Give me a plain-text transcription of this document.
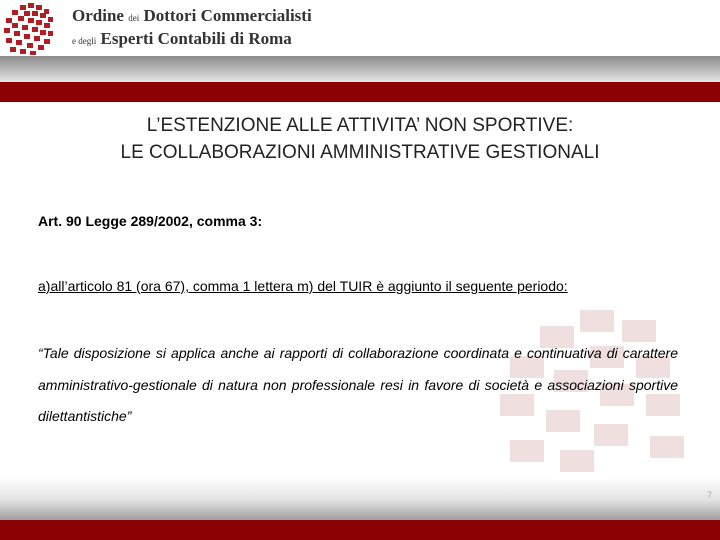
Ordine dei Dottori Commercialisti
e degli Esperti Contabili di Roma
L’ESTENZIONE ALLE ATTIVITA’ NON SPORTIVE:
LE COLLABORAZIONI AMMINISTRATIVE GESTIONALI
Art. 90 Legge 289/2002, comma 3:
a)all’articolo 81 (ora 67), comma 1 lettera m) del TUIR è aggiunto il seguente periodo:
“Tale disposizione si applica anche ai rapporti di collaborazione coordinata e continuativa di carattere amministrativo-gestionale di natura non professionale resi in favore di società e associazioni sportive dilettantistiche”
7
